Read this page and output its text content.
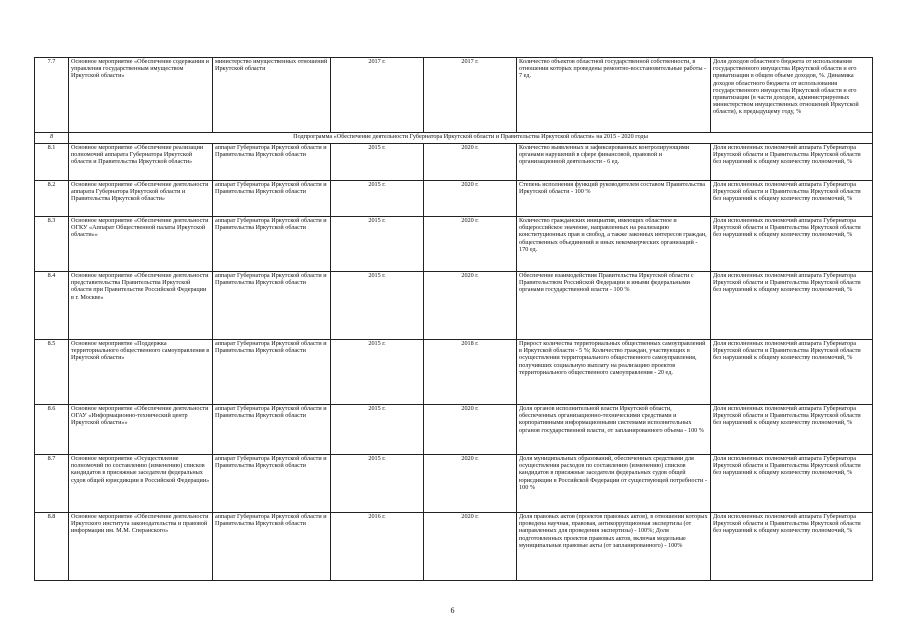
7.7	Основное мероприятие «Обеспечение содержания и управления государственным имуществом Иркутской области»	министерство имущественных отношений Иркутской области	2017 г.	2017 г.	Количество объектов областной государственной собственности, в отношении которых проведены ремонтно-восстановительные работы - 7 ед.	Доля доходов областного бюджета от использования государственного имущества Иркутской области и его приватизации в общем объеме доходов, %. Динамика доходов областного бюджета от использования государственного имущества Иркутской области и его приватизации (в части доходов, администрируемых министерством имущественных отношений Иркутской области), к предыдущему году, %
8	Подпрограмма «Обеспечение деятельности Губернатора Иркутской области и Правительства Иркутской области» на 2015 - 2020 годы					
8.1	Основное мероприятие «Обеспечение реализации полномочий аппарата Губернатора Иркутской области и Правительства Иркутской области»	аппарат Губернатора Иркутской области и Правительства Иркутской области	2015 г.	2020 г.	Количество выявленных и зафиксированных контролирующими органами нарушений в сфере финансовой, правовой и организационной деятельности - 6 ед.	Доля исполненных полномочий аппарата Губернатора Иркутской области и Правительства Иркутской области без нарушений к общему количеству полномочий, %
8.2	Основное мероприятие «Обеспечение деятельности аппарата Губернатора Иркутской области и Правительства Иркутской области»	аппарат Губернатора Иркутской области и Правительства Иркутской области	2015 г.	2020 г.	Степень исполнения функций руководителем составом Правительства Иркутской области - 100 %	Доля исполненных полномочий аппарата Губернатора Иркутской области и Правительства Иркутской области без нарушений к общему количеству полномочий, %
8.3	Основное мероприятие «Обеспечение деятельности ОГКУ «Аппарат Общественной палаты Иркутской области»»	аппарат Губернатора Иркутской области и Правительства Иркутской области	2015 г.	2020 г.	Количество гражданских инициатив, имеющих областное и общероссийское значение, направленных на реализацию конституционных прав и свобод, а также законных интересов граждан, общественных объединений и иных некоммерческих организаций - 170 ед.	Доля исполненных полномочий аппарата Губернатора Иркутской области и Правительства Иркутской области без нарушений к общему количеству полномочий, %
8.4	Основное мероприятие «Обеспечение деятельности представительства Правительства Иркутской области при Правительстве Российской Федерации в г. Москве»	аппарат Губернатора Иркутской области и Правительства Иркутской области	2015 г.	2020 г.	Обеспечение взаимодействия Правительства Иркутской области с Правительством Российской Федерации и иными федеральными органами государственной власти - 100 %	Доля исполненных полномочий аппарата Губернатора Иркутской области и Правительства Иркутской области без нарушений к общему количеству полномочий, %
8.5	Основное мероприятие «Поддержка территориального общественного самоуправления в Иркутской области»	аппарат Губернатора Иркутской области и Правительства Иркутской области	2015 г.	2018 г.	Прирост количества территориальных общественных самоуправлений в Иркутской области - 5 %; Количество граждан, участвующих в осуществлении территориального общественного самоуправления, получивших социальную выплату на реализацию проектов территориального общественного самоуправления - 20 ед.	Доля исполненных полномочий аппарата Губернатора Иркутской области и Правительства Иркутской области без нарушений к общему количеству полномочий, %
8.6	Основное мероприятие «Обеспечение деятельности ОГАУ «Информационно-технический центр Иркутской области»»	аппарат Губернатора Иркутской области и Правительства Иркутской области	2015 г.	2020 г.	Доля органов исполнительной власти Иркутской области, обеспеченных организационно-техническими средствами и корпоративными информационными системами исполнительных органов государственной власти, от запланированного объема - 100 %	Доля исполненных полномочий аппарата Губернатора Иркутской области и Правительства Иркутской области без нарушений к общему количеству полномочий, %
8.7	Основное мероприятие «Осуществление полномочий по составлению (изменению) списков кандидатов в присяжные заседатели федеральных судов общей юрисдикции в Российской Федерации»	аппарат Губернатора Иркутской области и Правительства Иркутской области	2015 г.	2020 г.	Доля муниципальных образований, обеспеченных средствами для осуществления расходов по составлению (изменению) списков кандидатов в присяжные заседатели федеральных судов общей юрисдикции в Российской Федерации от существующей потребности - 100 %	Доля исполненных полномочий аппарата Губернатора Иркутской области и Правительства Иркутской области без нарушений к общему количеству полномочий, %
8.8	Основное мероприятие «Обеспечение деятельности Иркутского института законодательства и правовой информации им. М.М. Сперанского»	аппарат Губернатора Иркутской области и Правительства Иркутской области	2016 г.	2020 г.	Доля правовых актов (проектов правовых актов), в отношении которых проведена научная, правовая, антикоррупционная экспертизы (от направленных для проведения экспертизы) - 100%; Доля подготовленных проектов правовых актов, включая модельные муниципальные правовые акты (от запланированного) - 100%	Доля исполненных полномочий аппарата Губернатора Иркутской области и Правительства Иркутской области без нарушений к общему количеству полномочий, %
6
